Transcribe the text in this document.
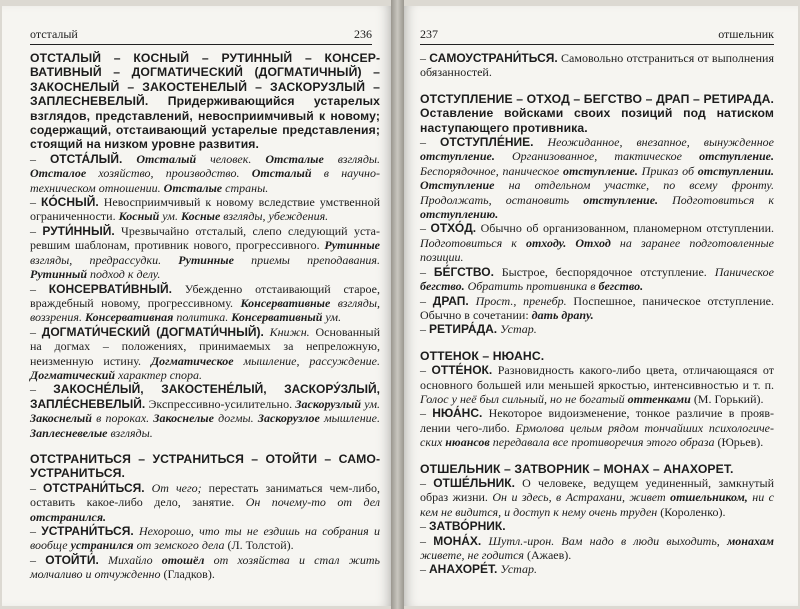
отсталый	236

ОТСТАЛЫЙ – КОСНЫЙ – РУТИННЫЙ – КОНСЕРВАТИВНЫЙ – ДОГМАТИЧЕСКИЙ (ДОГМАТИЧНЫЙ) – ЗАКОСНЕЛЫЙ – ЗАКОСТЕНЕЛЫЙ – ЗАСКОРУЗЛЫЙ – ЗАПЛЕСНЕВЕЛЫЙ. Придерживающийся устарелых взглядов, представлений, невосприимчивый к новому; содержащий, отстаивающий устарелые представления; стоящий на низком уровне развития.

– ОТСТА́ЛЫЙ. Отсталый человек. Отсталые взгляды. Отсталое хозяйство, производство. Отсталый в научнотехническом отношении. Отсталые страны.

– КО́СНЫЙ. Невосприимчивый к новому вследствие умственной ограниченности. Косный ум. Косные взгляды, убеждения.

– РУТИ́ННЫЙ. Чрезвычайно отсталый, слепо следующий устаревшим шаблонам, противник нового, прогрессивного. Рутинные взгляды, предрассудки. Рутинные приемы преподавания. Рутинный подход к делу.

– КОНСЕРВАТИ́ВНЫЙ. Убежденно отстаивающий старое, враждебный новому, прогрессивному. Консервативные взгляды, воззрения. Консервативная политика. Консервативный ум.

– ДОГМАТИ́ЧЕСКИЙ (ДОГМАТИ́ЧНЫЙ). Книжн. Основанный на догмах – положениях, принимаемых за непреложную, неизменную истину. Догматическое мышление, рассуждение. Догматический характер спора.

– ЗАКОСНЕ́ЛЫЙ, ЗАКОСТЕНЕ́ЛЫЙ, ЗАСКОРУ́ЗЛЫЙ, ЗАПЛЕ́СНЕВЕЛЫЙ. Экспрессивно-усилительно. Заскорузлый ум. Закоснелый в пороках. Закоснелые догмы. Заскорузлое мышление. Заплесневелые взгляды.

ОТСТРАНИТЬСЯ – УСТРАНИТЬСЯ – ОТОЙТИ – САМОУСТРАНИТЬСЯ.

– ОТСТРАНИ́ТЬСЯ. От чего; перестать заниматься чем-либо, оставить какое-либо дело, занятие. Он почему-то от дел отстранился.

– УСТРАНИ́ТЬСЯ. Нехорошо, что ты не ездишь на собрания и вообще устранился от земского дела (Л. Толстой).

– ОТОЙТИ́. Михайло отошёл от хозяйства и стал жить молчаливо и отчужденно (Гладков).

237	отшельник

– САМОУСТРАНИ́ТЬСЯ. Самовольно отстраниться от выполнения обязанностей.

ОТСТУПЛЕНИЕ – ОТХОД – БЕГСТВО – ДРАП – РЕТИРАДА. Оставление войсками своих позиций под натиском наступающего противника.

– ОТСТУПЛЕ́НИЕ. Неожиданное, внезапное, вынужденное отступление. Организованное, тактическое отступление. Беспорядочное, паническое отступление. Приказ об отступлении. Отступление на отдельном участке, по всему фронту. Продолжать, остановить отступление. Подготовиться к отступлению.

– ОТХО́Д. Обычно об организованном, планомерном отступлении. Подготовиться к отходу. Отход на заранее подготовленные позиции.

– БЕ́ГСТВО. Быстрое, беспорядочное отступление. Паническое бегство. Обратить противника в бегство.

– ДРАП. Прост., пренебр. Поспешное, паническое отступление. Обычно в сочетании: дать драпу.

– РЕТИРА́ДА. Устар.

ОТТЕНОК – НЮАНС.

– ОТТЕ́НОК. Разновидность какого-либо цвета, отличающаяся от основного большей или меньшей яркостью, интенсивностью и т. п. Голос у неё был сильный, но не богатый оттенками (М. Горький).

– НЮА́НС. Некоторое видоизменение, тонкое различие в проявлении чего-либо. Ермолова целым рядом тончайших психологических нюансов передавала все противоречия этого образа (Юрьев).

ОТШЕЛЬНИК – ЗАТВОРНИК – МОНАХ – АНАХОРЕТ.

– ОТШЕ́ЛЬНИК. О человеке, ведущем уединенный, замкнутый образ жизни. Он и здесь, в Астрахани, живет отшельником, ни с кем не видится, и доступ к нему очень труден (Короленко).

– ЗАТВО́РНИК.

– МОНА́Х. Шутл.-ирон. Вам надо в люди выходить, монахам живете, не годится (Ажаев).

– АНАХОРЕ́Т. Устар.
